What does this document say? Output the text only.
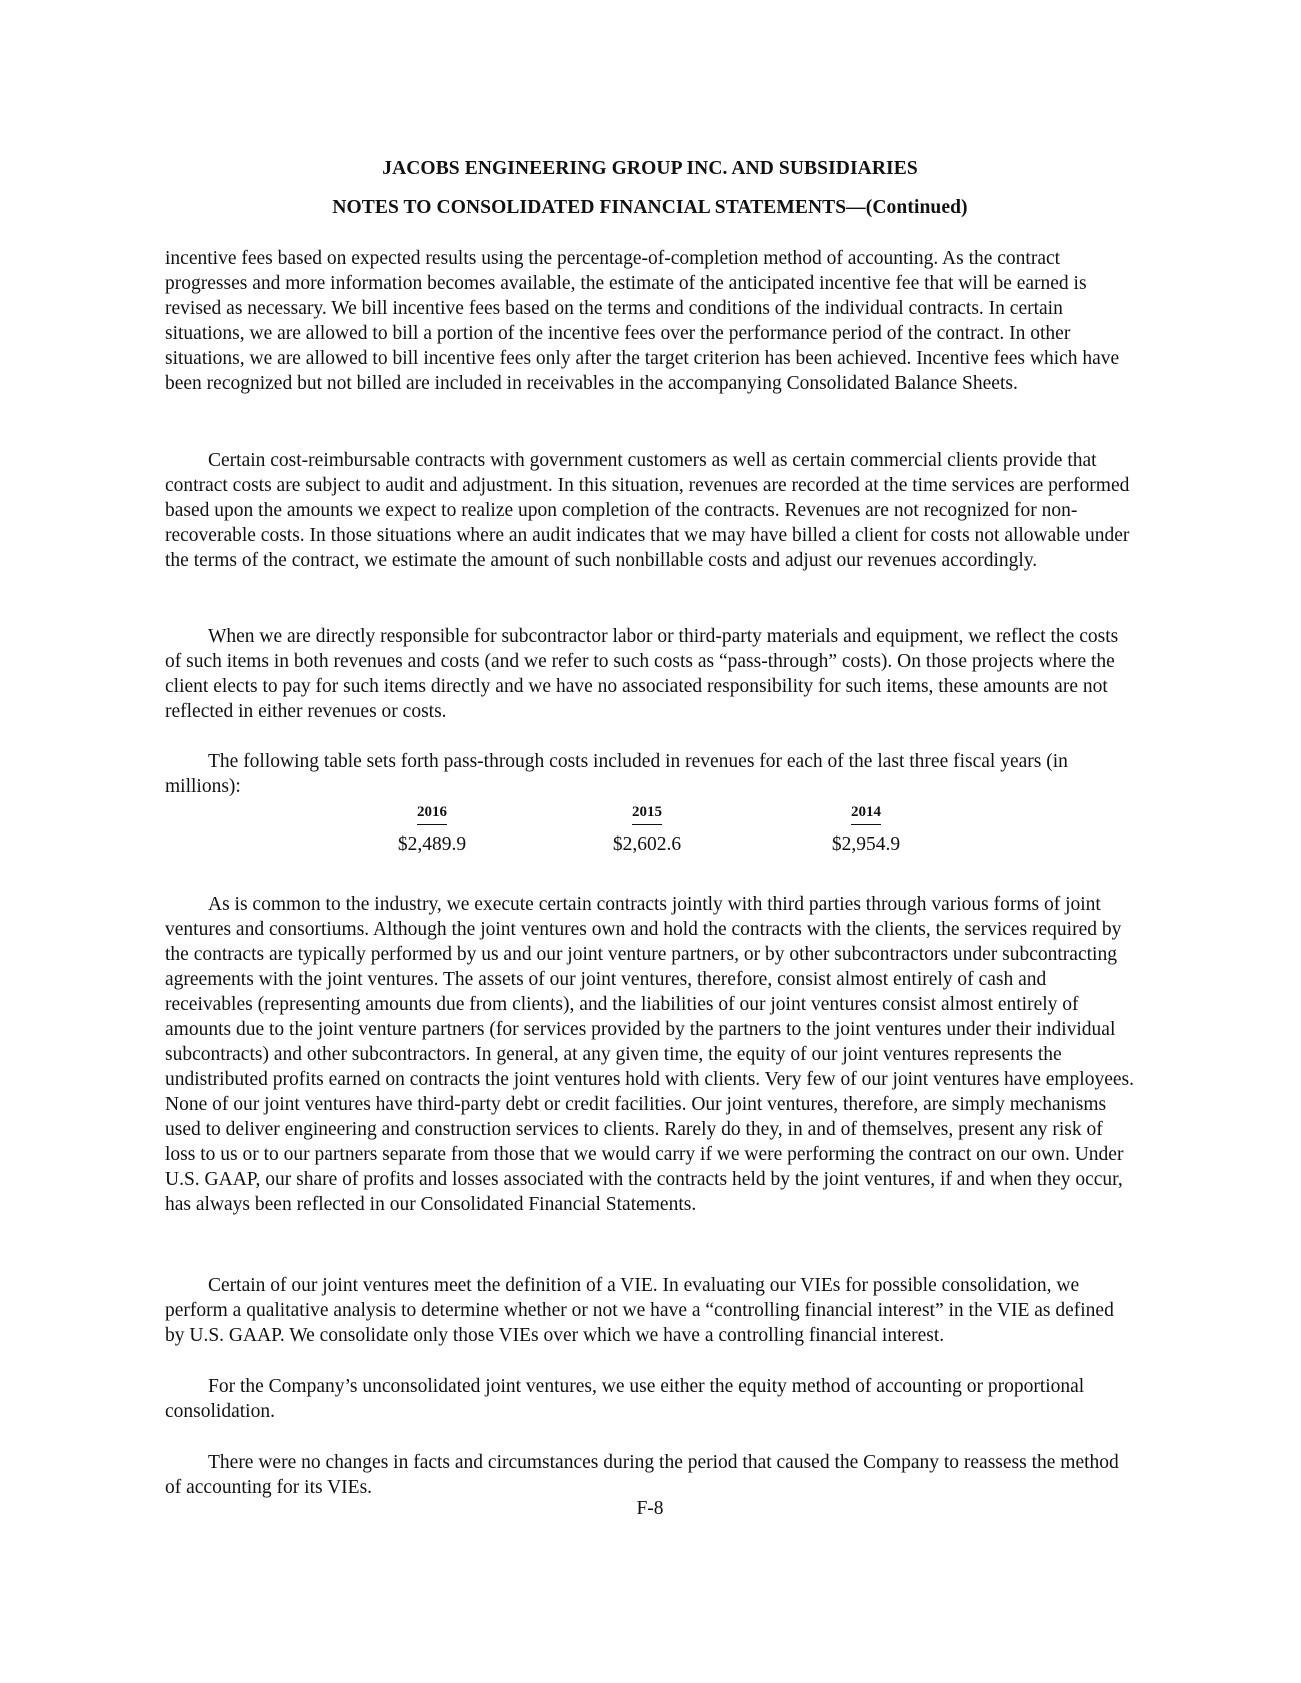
JACOBS ENGINEERING GROUP INC. AND SUBSIDIARIES
NOTES TO CONSOLIDATED FINANCIAL STATEMENTS—(Continued)

incentive fees based on expected results using the percentage-of-completion method of accounting. As the contract progresses and more information becomes available, the estimate of the anticipated incentive fee that will be earned is revised as necessary. We bill incentive fees based on the terms and conditions of the individual contracts. In certain situations, we are allowed to bill a portion of the incentive fees over the performance period of the contract. In other situations, we are allowed to bill incentive fees only after the target criterion has been achieved. Incentive fees which have been recognized but not billed are included in receivables in the accompanying Consolidated Balance Sheets.

Certain cost-reimbursable contracts with government customers as well as certain commercial clients provide that contract costs are subject to audit and adjustment. In this situation, revenues are recorded at the time services are performed based upon the amounts we expect to realize upon completion of the contracts. Revenues are not recognized for non-recoverable costs. In those situations where an audit indicates that we may have billed a client for costs not allowable under the terms of the contract, we estimate the amount of such nonbillable costs and adjust our revenues accordingly.

When we are directly responsible for subcontractor labor or third-party materials and equipment, we reflect the costs of such items in both revenues and costs (and we refer to such costs as “pass-through” costs). On those projects where the client elects to pay for such items directly and we have no associated responsibility for such items, these amounts are not reflected in either revenues or costs.

The following table sets forth pass-through costs included in revenues for each of the last three fiscal years (in millions):

2016
$2,489.9
2015
$2,602.6
2014
$2,954.9

As is common to the industry, we execute certain contracts jointly with third parties through various forms of joint ventures and consortiums. Although the joint ventures own and hold the contracts with the clients, the services required by the contracts are typically performed by us and our joint venture partners, or by other subcontractors under subcontracting agreements with the joint ventures. The assets of our joint ventures, therefore, consist almost entirely of cash and receivables (representing amounts due from clients), and the liabilities of our joint ventures consist almost entirely of amounts due to the joint venture partners (for services provided by the partners to the joint ventures under their individual subcontracts) and other subcontractors. In general, at any given time, the equity of our joint ventures represents the undistributed profits earned on contracts the joint ventures hold with clients. Very few of our joint ventures have employees. None of our joint ventures have third-party debt or credit facilities. Our joint ventures, therefore, are simply mechanisms used to deliver engineering and construction services to clients. Rarely do they, in and of themselves, present any risk of loss to us or to our partners separate from those that we would carry if we were performing the contract on our own. Under U.S. GAAP, our share of profits and losses associated with the contracts held by the joint ventures, if and when they occur, has always been reflected in our Consolidated Financial Statements.

Certain of our joint ventures meet the definition of a VIE. In evaluating our VIEs for possible consolidation, we perform a qualitative analysis to determine whether or not we have a “controlling financial interest” in the VIE as defined by U.S. GAAP. We consolidate only those VIEs over which we have a controlling financial interest.

For the Company’s unconsolidated joint ventures, we use either the equity method of accounting or proportional consolidation.

There were no changes in facts and circumstances during the period that caused the Company to reassess the method of accounting for its VIEs.

F-8
